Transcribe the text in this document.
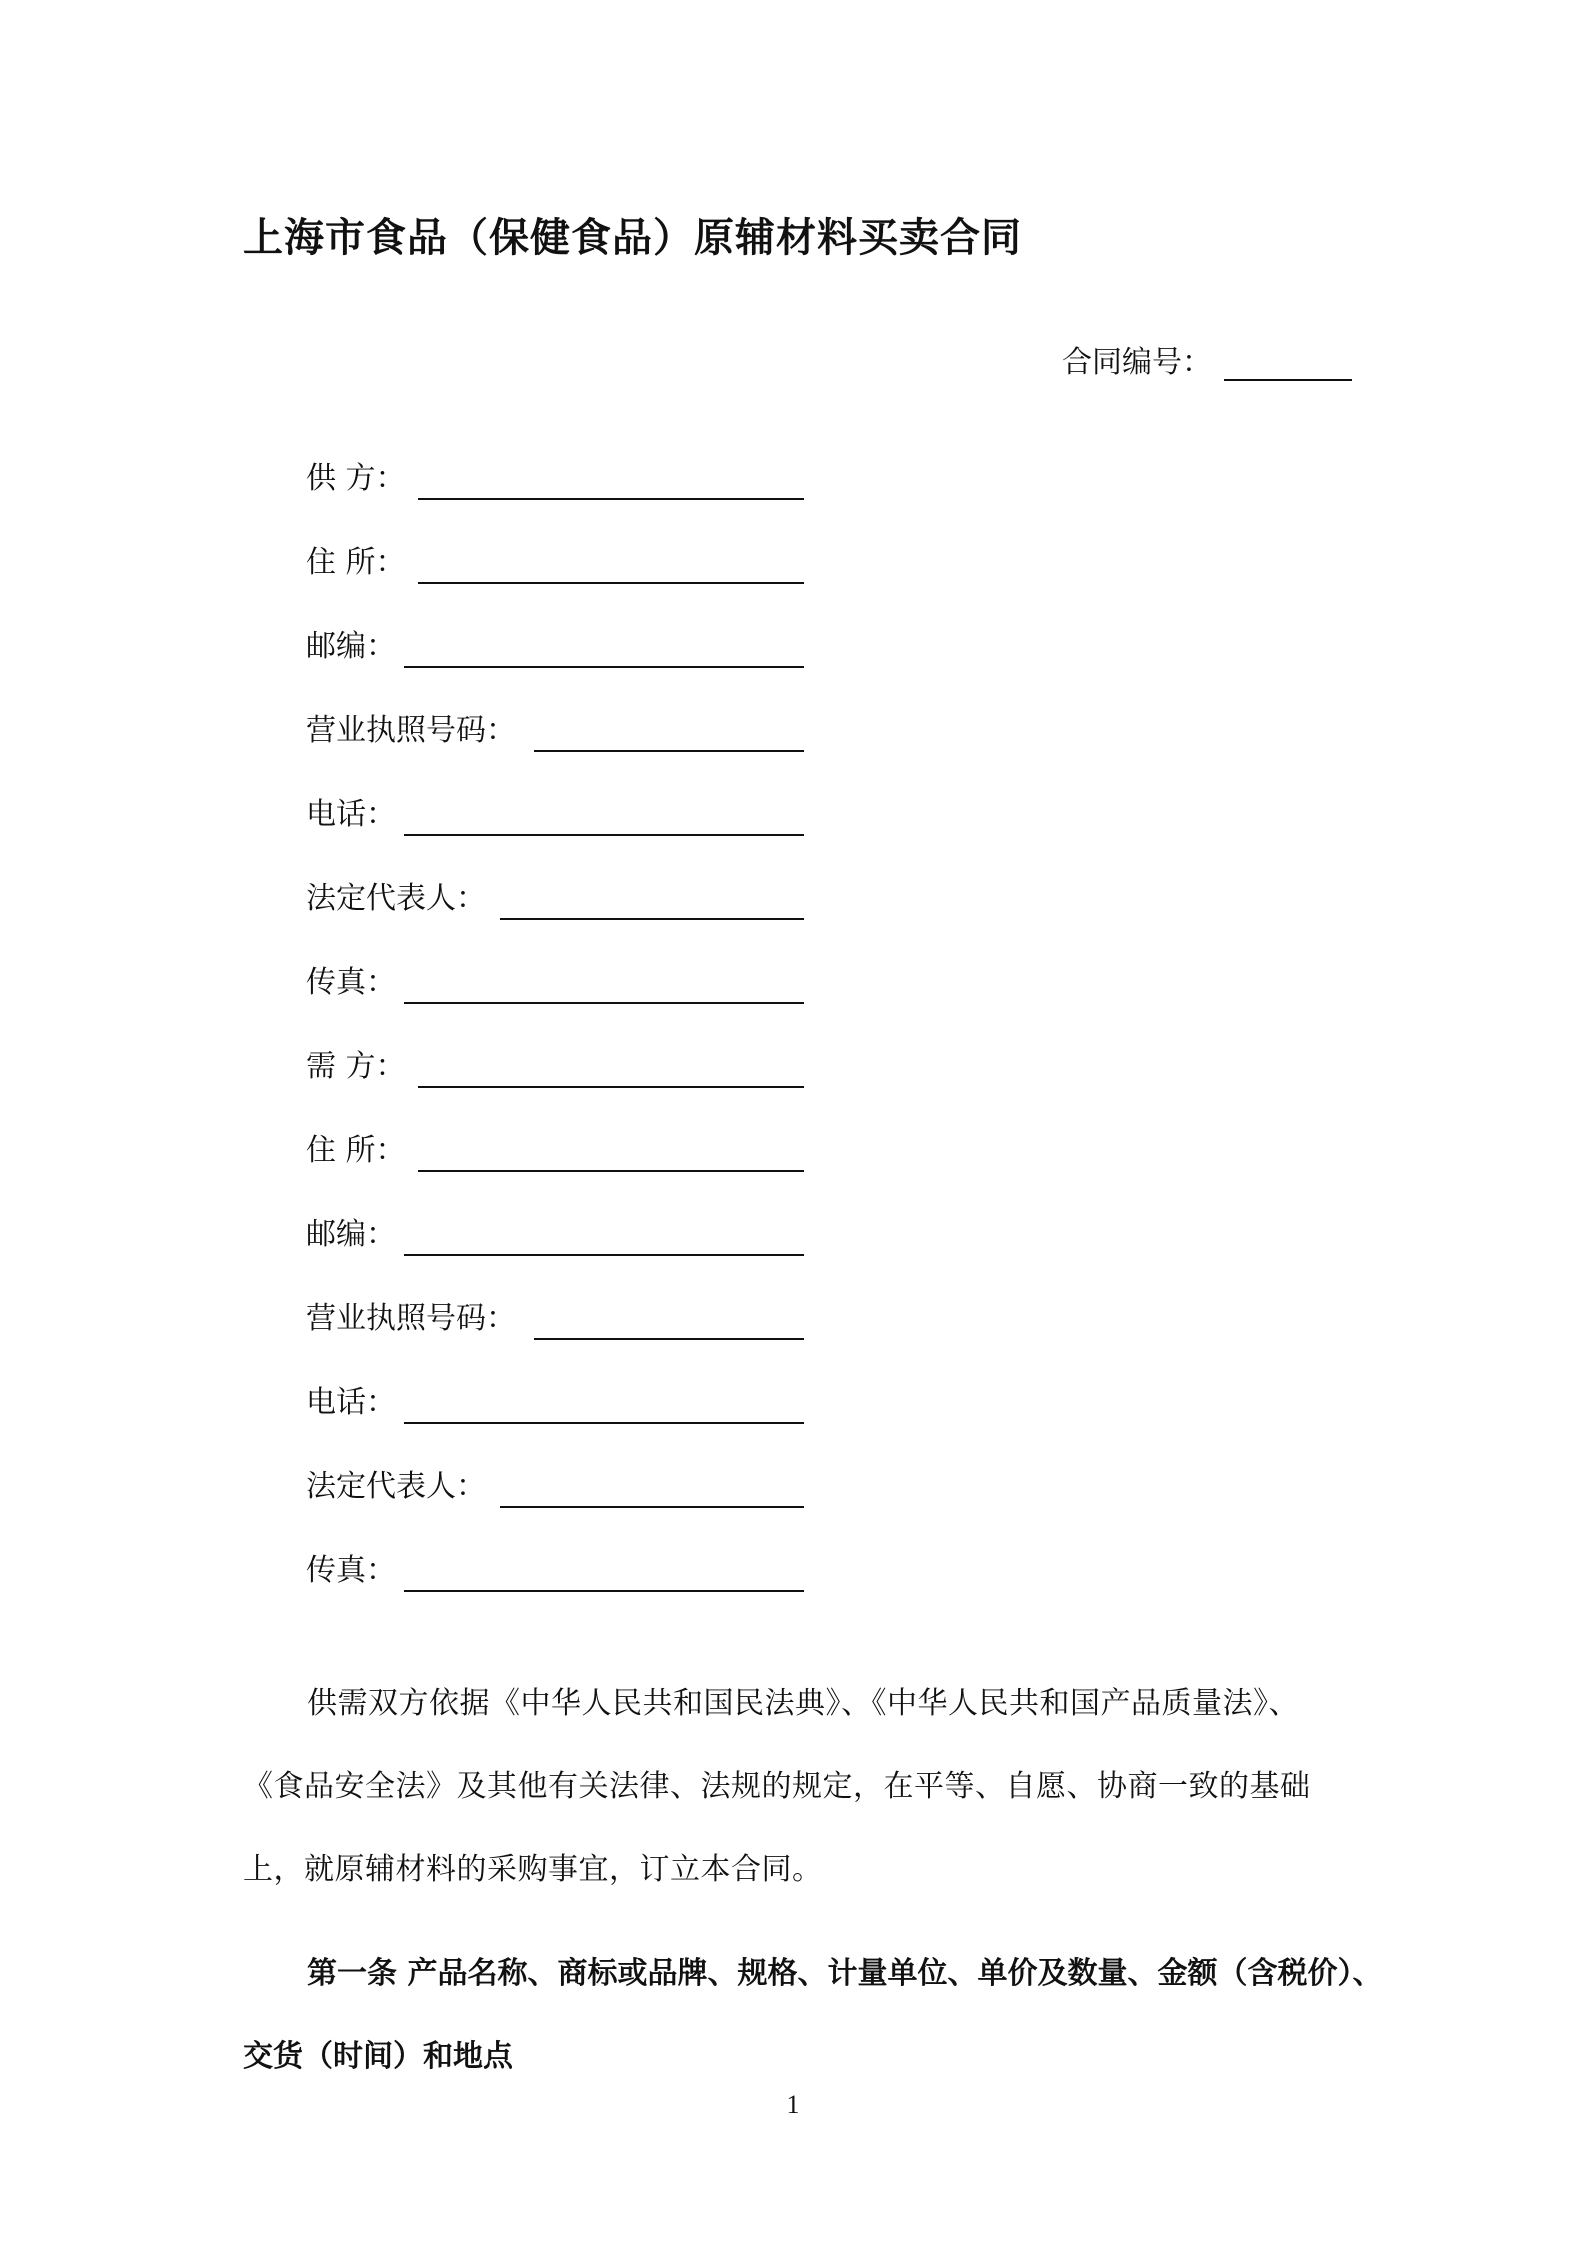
上海市食品（保健食品）原辅材料买卖合同
合同编号：
供 方：
住 所：
邮编：
营业执照号码：
电话：
法定代表人：
传真：
需 方：
住 所：
邮编：
营业执照号码：
电话：
法定代表人：
传真：
供需双方依据《中华人民共和国民法典》、《中华人民共和国产品质量法》、
《食品安全法》及其他有关法律、法规的规定，在平等、自愿、协商一致的基础
上，就原辅材料的采购事宜，订立本合同。
第一条 产品名称、商标或品牌、规格、计量单位、单价及数量、金额（含税价）、
交货（时间）和地点
1
